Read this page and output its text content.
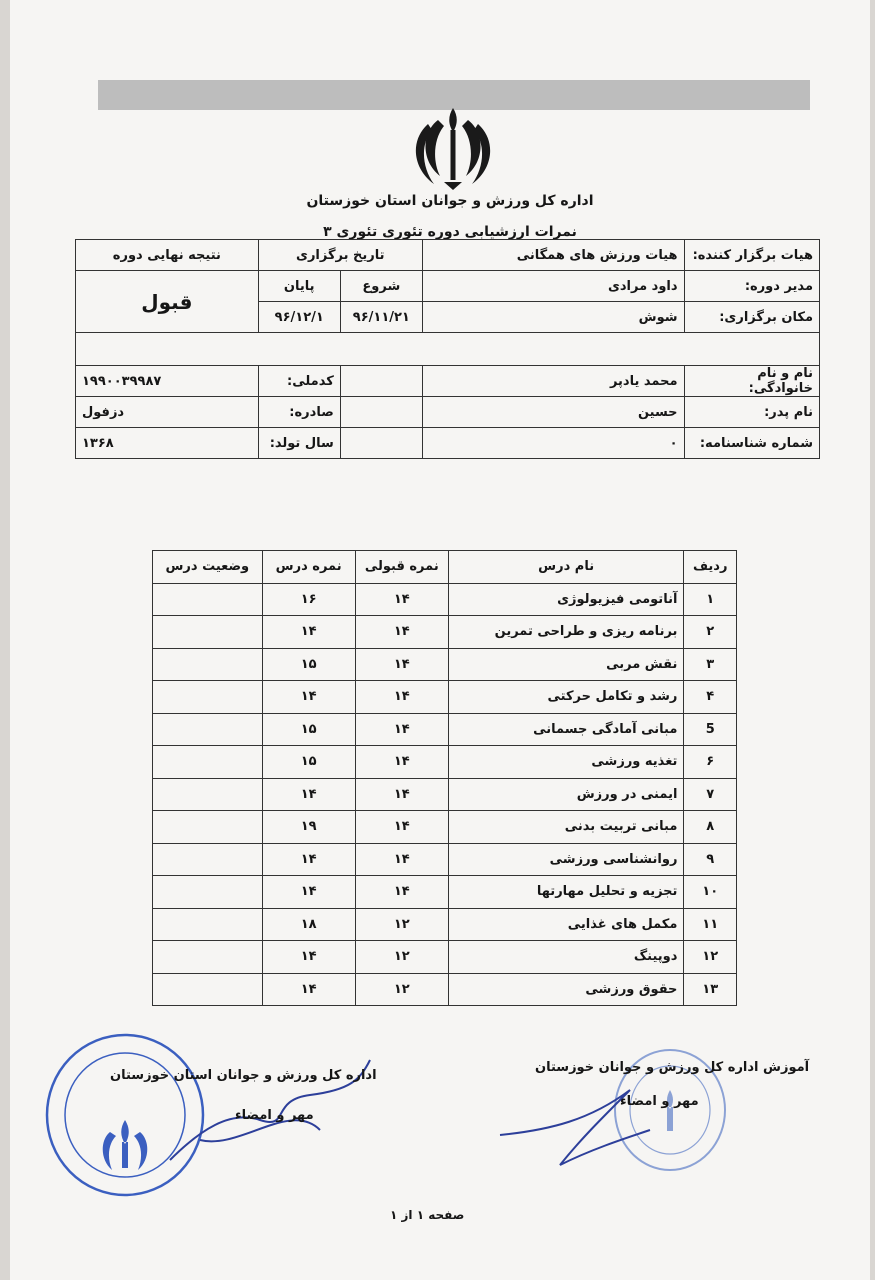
اداره کل ورزش و جوانان استان خوزستان
نمرات ارزشیابی دوره تئوری تئوری ۳
هیات برگزار کننده:	هیات ورزش های همگانی	تاریخ برگزاری		نتیجه نهایی دوره
مدیر دوره:	داود مرادی	شروع	پایان	قبول
مکان برگزاری:	شوش	۹۶/۱۱/۲۱	۹۶/۱۲/۱	

نام و نام خانوادگی:	محمد یادپر		کدملی:	۱۹۹۰۰۳۹۹۸۷
نام پدر:	حسین		صادره:	دزفول
شماره شناسنامه:	۰		سال تولد:	۱۳۶۸
ردیف	نام درس	نمره قبولی	نمره درس	وضعیت درس
۱	آناتومی فیزیولوژی	۱۴	۱۶	
۲	برنامه ریزی و طراحی تمرین	۱۴	۱۴	
۳	نقش مربی	۱۴	۱۵	
۴	رشد و تکامل حرکتی	۱۴	۱۴	
5	مبانی آمادگی جسمانی	۱۴	۱۵	
۶	تغذیه ورزشی	۱۴	۱۵	
۷	ایمنی در ورزش	۱۴	۱۴	
۸	مبانی تربیت بدنی	۱۴	۱۹	
۹	روانشناسی ورزشی	۱۴	۱۴	
۱۰	تجزیه و تحلیل مهارتها	۱۴	۱۴	
۱۱	مکمل های غذایی	۱۲	۱۸	
۱۲	دوپینگ	۱۲	۱۴	
۱۳	حقوق ورزشی	۱۲	۱۴	
اداره کل ورزش و جوانان استان خوزستان
مهر و امضاء
آموزش اداره کل ورزش و جوانان خوزستان
مهر و امضاء
صفحه ۱ از ۱
